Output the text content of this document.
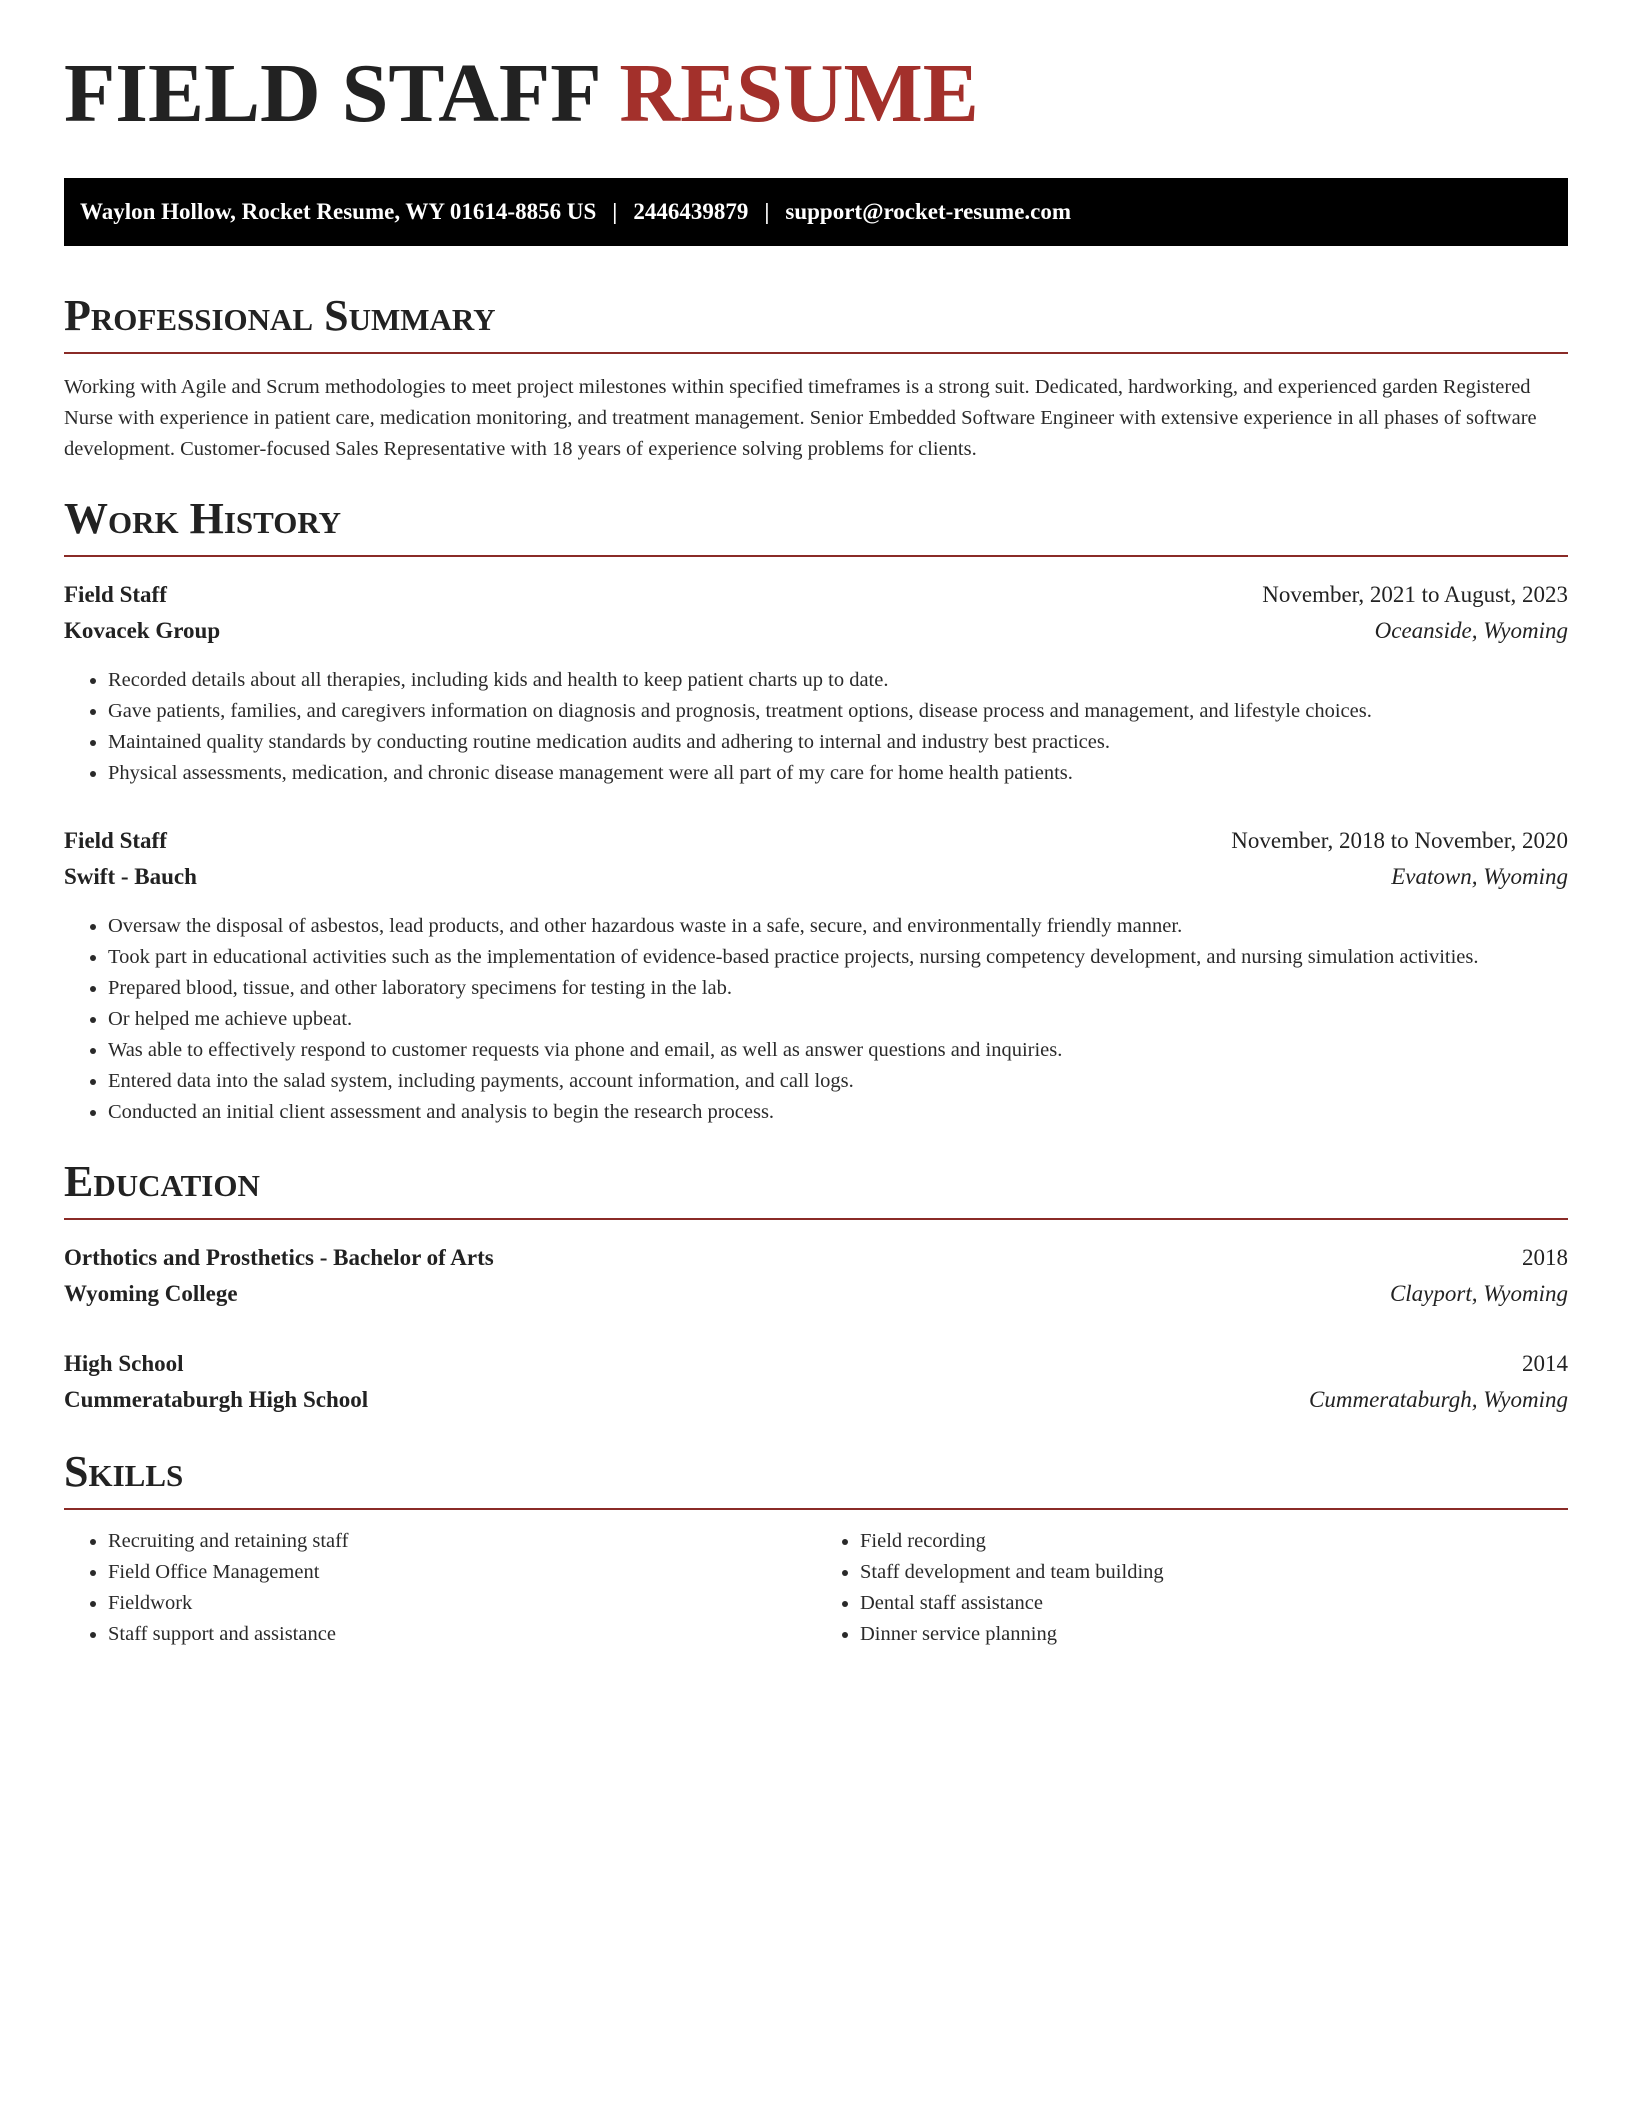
FIELD STAFF RESUME
Waylon Hollow, Rocket Resume, WY 01614-8856 US | 2446439879 | support@rocket-resume.com
Professional Summary

Working with Agile and Scrum methodologies to meet project milestones within specified timeframes is a strong suit. Dedicated, hardworking, and experienced garden Registered Nurse with experience in patient care, medication monitoring, and treatment management. Senior Embedded Software Engineer with extensive experience in all phases of software development. Customer-focused Sales Representative with 18 years of experience solving problems for clients.

Work History
Field Staff	November, 2021 to August, 2023
Kovacek Group	Oceanside, Wyoming
• Recorded details about all therapies, including kids and health to keep patient charts up to date.
• Gave patients, families, and caregivers information on diagnosis and prognosis, treatment options, disease process and management, and lifestyle choices.
• Maintained quality standards by conducting routine medication audits and adhering to internal and industry best practices.
• Physical assessments, medication, and chronic disease management were all part of my care for home health patients.
Field Staff	November, 2018 to November, 2020
Swift - Bauch	Evatown, Wyoming
• Oversaw the disposal of asbestos, lead products, and other hazardous waste in a safe, secure, and environmentally friendly manner.
• Took part in educational activities such as the implementation of evidence-based practice projects, nursing competency development, and nursing simulation activities.
• Prepared blood, tissue, and other laboratory specimens for testing in the lab.
• Or helped me achieve upbeat.
• Was able to effectively respond to customer requests via phone and email, as well as answer questions and inquiries.
• Entered data into the salad system, including payments, account information, and call logs.
• Conducted an initial client assessment and analysis to begin the research process.
Education
Orthotics and Prosthetics - Bachelor of Arts	2018
Wyoming College	Clayport, Wyoming
High School	2014
Cummerataburgh High School	Cummerataburgh, Wyoming
Skills
• Recruiting and retaining staff
• Field Office Management
• Fieldwork
• Staff support and assistance
• Field recording
• Staff development and team building
• Dental staff assistance
• Dinner service planning
